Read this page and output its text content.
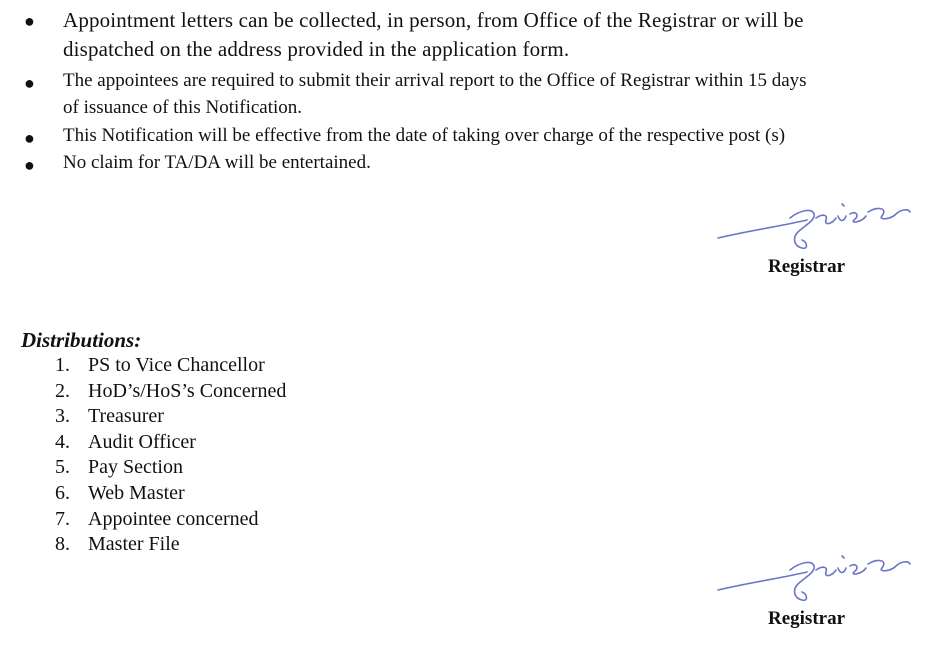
● Appointment letters can be collected, in person, from Office of the Registrar or will be
dispatched on the address provided in the application form.
● The appointees are required to submit their arrival report to the Office of Registrar within 15 days
of issuance of this Notification.
● This Notification will be effective from the date of taking over charge of the respective post (s)
● No claim for TA/DA will be entertained.
Registrar
Distributions:
1. PS to Vice Chancellor
2. HoD’s/HoS’s Concerned
3. Treasurer
4. Audit Officer
5. Pay Section
6. Web Master
7. Appointee concerned
8. Master File
Registrar
